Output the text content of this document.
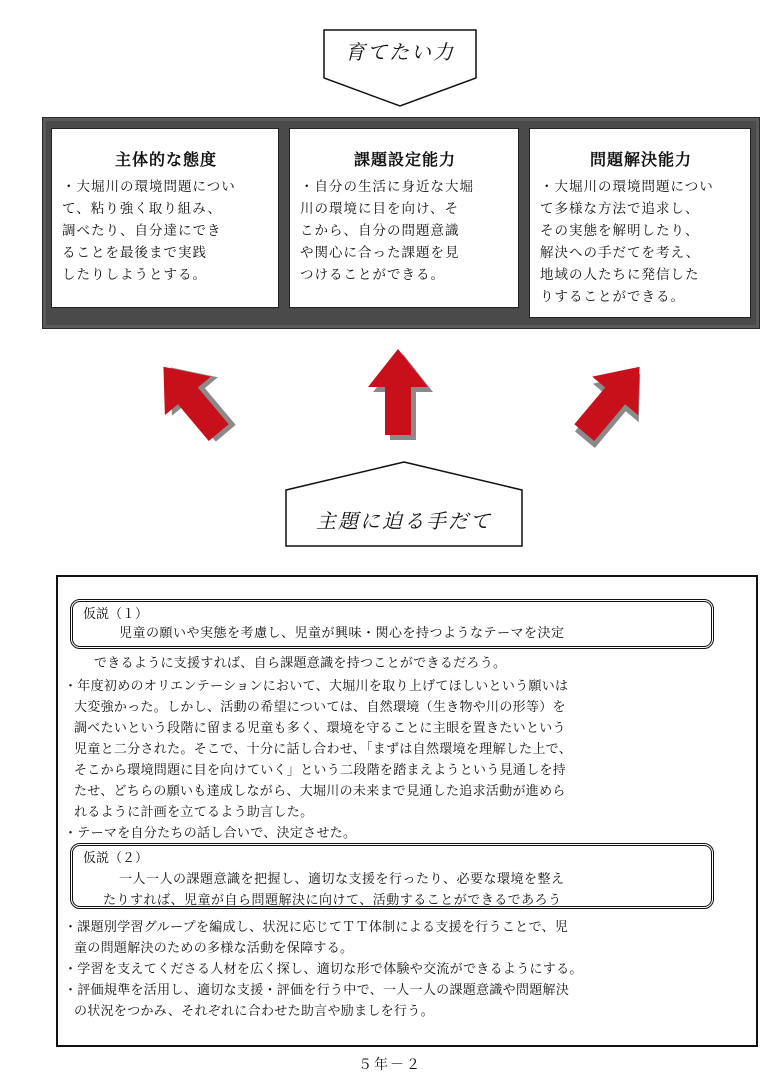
育てたい力
主体的な態度

・大堀川の環境問題につい
て、粘り強く取り組み、
調べたり、自分達にでき
ることを最後まで実践
したりしようとする。

課題設定能力

・自分の生活に身近な大堀
川の環境に目を向け、そ
こから、自分の問題意識
や関心に合った課題を見
つけることができる。

問題解決能力

・大堀川の環境問題につい
て多様な方法で追求し、
その実態を解明したり、
解決への手だてを考え、
地域の人たちに発信した
りすることができる。

主題に迫る手だて
仮説（１）
児童の願いや実態を考慮し、児童が興味・関心を持つようなテーマを決定
できるように支援すれば、自ら課題意識を持つことができるだろう。
・年度初めのオリエンテーションにおいて、大堀川を取り上げてほしいという願いは
大変強かった。しかし、活動の希望については、自然環境（生き物や川の形等）を
調べたいという段階に留まる児童も多く、環境を守ることに主眼を置きたいという
児童と二分された。そこで、十分に話し合わせ、「まずは自然環境を理解した上で、
そこから環境問題に目を向けていく」という二段階を踏まえようという見通しを持
たせ、どちらの願いも達成しながら、大堀川の未来まで見通した追求活動が進めら
れるように計画を立てるよう助言した。
・テーマを自分たちの話し合いで、決定させた。
仮説（２）
一人一人の課題意識を把握し、適切な支援を行ったり、必要な環境を整え
たりすれば、児童が自ら問題解決に向けて、活動することができるであろう
・課題別学習グループを編成し、状況に応じてＴＴ体制による支援を行うことで、児
童の問題解決のための多様な活動を保障する。
・学習を支えてくださる人材を広く探し、適切な形で体験や交流ができるようにする。
・評価規準を活用し、適切な支援・評価を行う中で、一人一人の課題意識や問題解決
の状況をつかみ、それぞれに合わせた助言や励ましを行う。
５年－２
